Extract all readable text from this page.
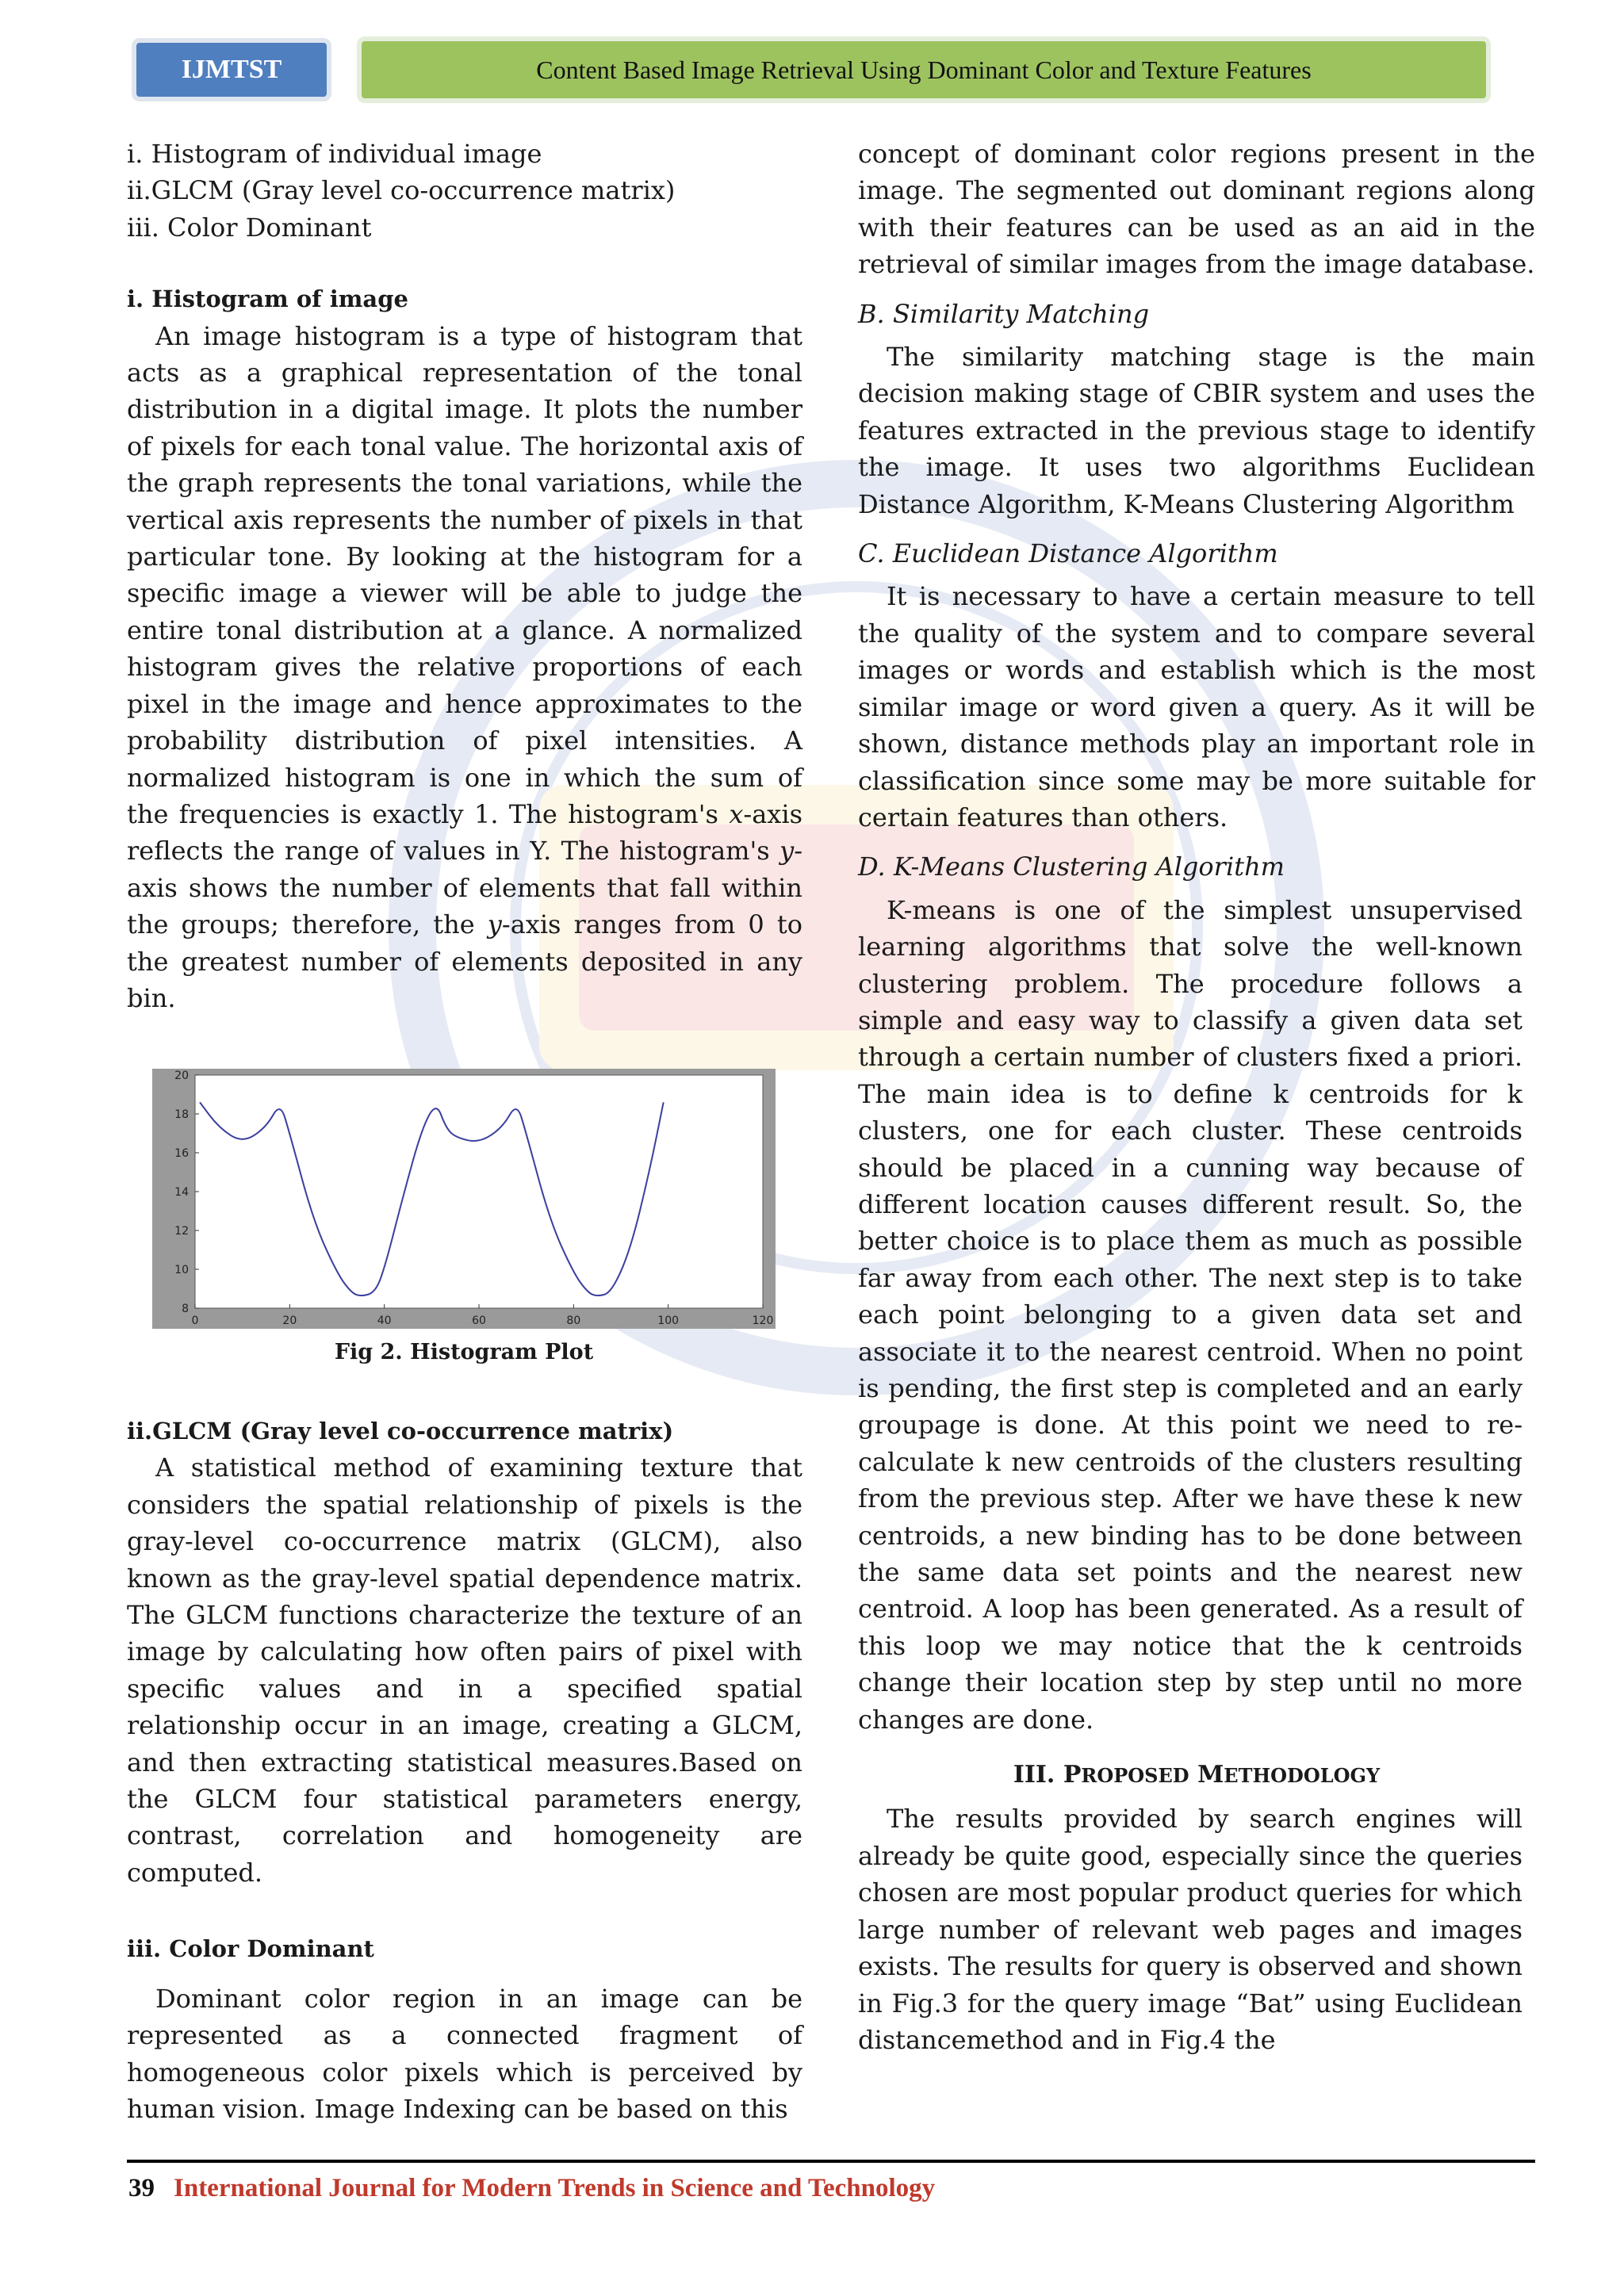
IJMTST	Content Based Image Retrieval Using Dominant Color and Texture Features

i. Histogram of individual image

ii.GLCM (Gray level co-occurrence matrix)

iii. Color Dominant

i. Histogram of image

An image histogram is a type of histogram that acts as a graphical representation of the tonal distribution in a digital image. It plots the number of pixels for each tonal value. The horizontal axis of the graph represents the tonal variations, while the vertical axis represents the number of pixels in that particular tone. By looking at the histogram for a specific image a viewer will be able to judge the entire tonal distribution at a glance. A normalized histogram gives the relative proportions of each pixel in the image and hence approximates to the probability distribution of pixel intensities. A normalized histogram is one in which the sum of the frequencies is exactly 1. The histogram's x-axis reflects the range of values in Y. The histogram's y-axis shows the number of elements that fall within the groups; therefore, the y-axis ranges from 0 to the greatest number of elements deposited in any bin.

0	20	40	60	80	100	120
8
10
12
14
16
18
20
Fig 2. Histogram Plot
ii.GLCM (Gray level co-occurrence matrix)

A statistical method of examining texture that considers the spatial relationship of pixels is the gray-level co-occurrence matrix (GLCM), also known as the gray-level spatial dependence matrix. The GLCM functions characterize the texture of an image by calculating how often pairs of pixel with specific values and in a specified spatial relationship occur in an image, creating a GLCM, and then extracting statistical measures.Based on the GLCM four statistical parameters energy, contrast, correlation and homogeneity are computed.

iii. Color Dominant

Dominant color region in an image can be represented as a connected fragment of homogeneous color pixels which is perceived by human vision. Image Indexing can be based on this

concept of dominant color regions present in the image. The segmented out dominant regions along with their features can be used as an aid in the retrieval of similar images from the image database.

B. Similarity Matching

The similarity matching stage is the main decision making stage of CBIR system and uses the features extracted in the previous stage to identify the image. It uses two algorithms Euclidean Distance Algorithm, K-Means Clustering Algorithm

C. Euclidean Distance Algorithm

It is necessary to have a certain measure to tell the quality of the system and to compare several images or words and establish which is the most similar image or word given a query. As it will be shown, distance methods play an important role in classification since some may be more suitable for certain features than others.

D. K-Means Clustering Algorithm

K-means is one of the simplest unsupervised learning algorithms that solve the well-known clustering problem. The procedure follows a simple and easy way to classify a given data set through a certain number of clusters fixed a priori. The main idea is to define k centroids for k clusters, one for each cluster. These centroids should be placed in a cunning way because of different location causes different result. So, the better choice is to place them as much as possible far away from each other. The next step is to take each point belonging to a given data set and associate it to the nearest centroid. When no point is pending, the first step is completed and an early groupage is done. At this point we need to re-calculate k new centroids of the clusters resulting from the previous step. After we have these k new centroids, a new binding has to be done between the same data set points and the nearest new centroid. A loop has been generated. As a result of this loop we may notice that the k centroids change their location step by step until no more changes are done.

III. PROPOSED METHODOLOGY

The results provided by search engines will already be quite good, especially since the queries chosen are most popular product queries for which large number of relevant web pages and images exists. The results for query is observed and shown in Fig.3 for the query image “Bat” using Euclidean distancemethod and in Fig.4 the

39 International Journal for Modern Trends in Science and Technology
